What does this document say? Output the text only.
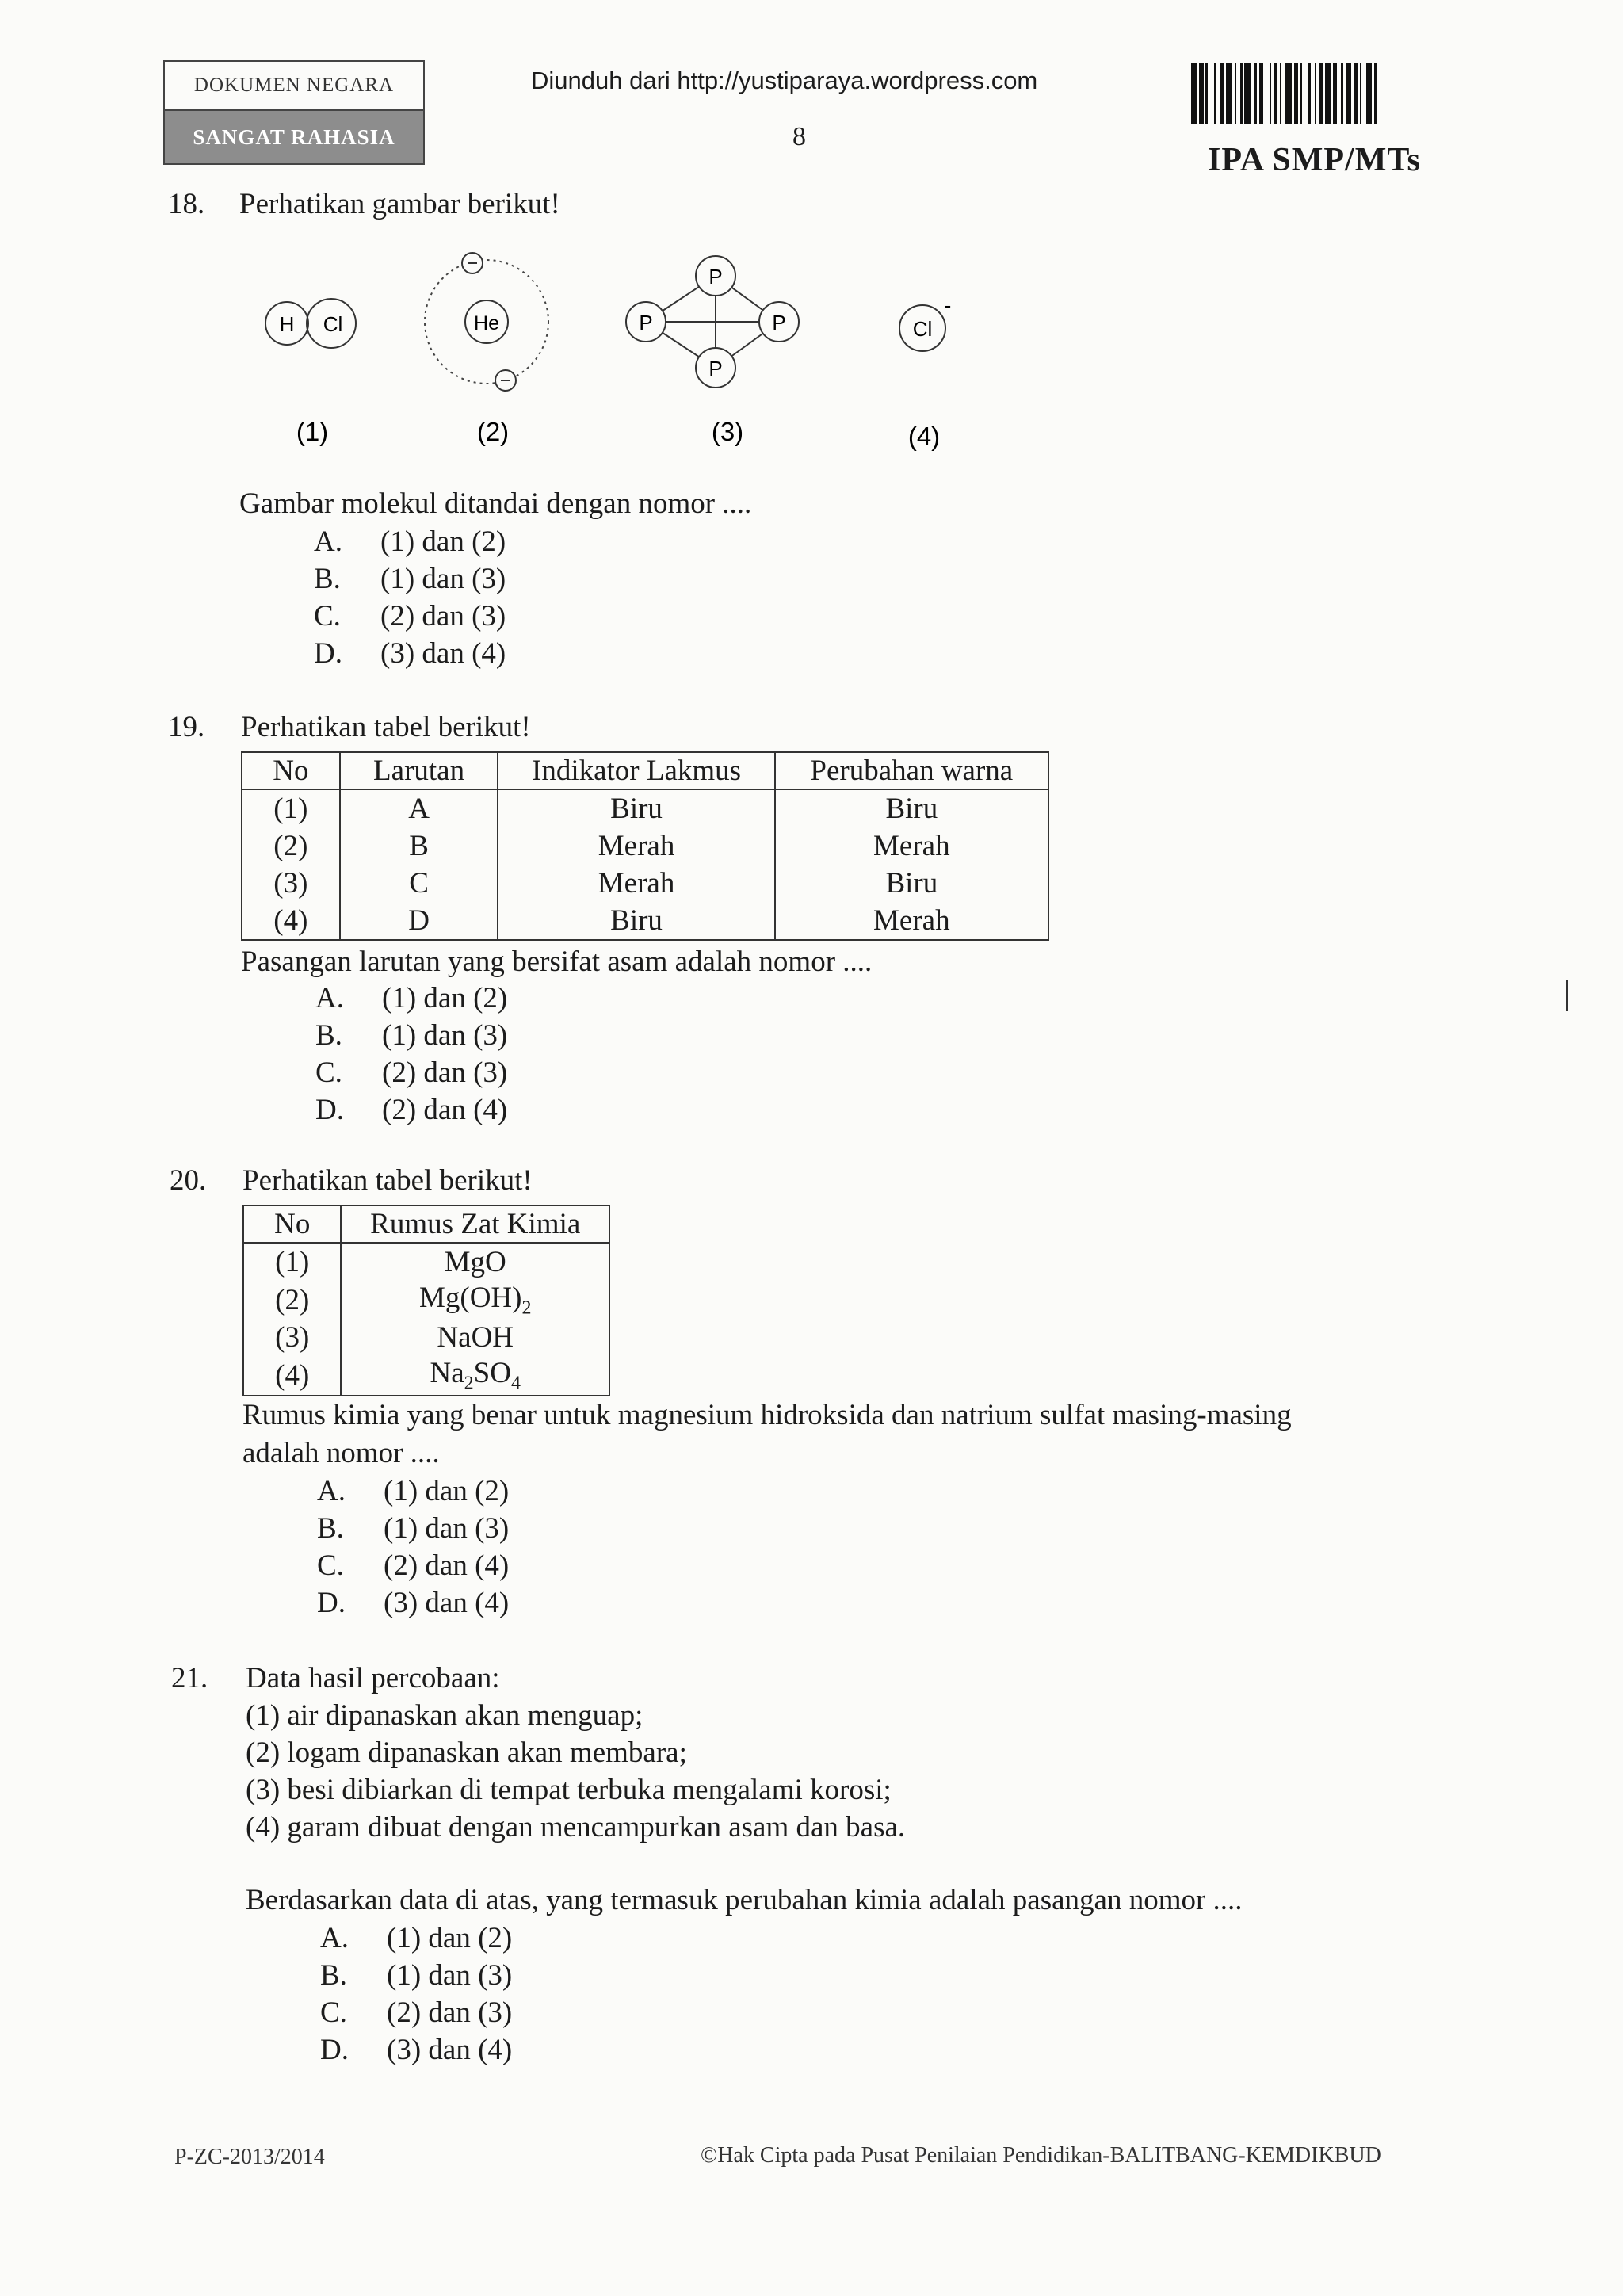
DOKUMEN NEGARA
SANGAT RAHASIA
Diunduh dari http://yustiparaya.wordpress.com
8
IPA SMP/MTs
18. Perhatikan gambar berikut!
H Cl
(1)
He
(2)
P
P	P
P
(3)
Cl
-
(4)
Gambar molekul ditandai dengan nomor ....
A. (1) dan (2)
B. (1) dan (3)
C. (2) dan (3)
D. (3) dan (4)
19. Perhatikan tabel berikut!
No	Larutan	Indikator Lakmus	Perubahan warna
(1)	A	Biru	Biru
(2)	B	Merah	Merah
(3)	C	Merah	Biru
(4)	D	Biru	Merah
Pasangan larutan yang bersifat asam adalah nomor ....
A. (1) dan (2)
B. (1) dan (3)
C. (2) dan (3)
D. (2) dan (4)
20. Perhatikan tabel berikut!
No	Rumus Zat Kimia
(1)	MgO
(2)	$Mg(OH)_2$
(3)	NaOH
(4)	$Na_2SO_4$
Rumus kimia yang benar untuk magnesium hidroksida dan natrium sulfat masing-masing
adalah nomor ....
A. (1) dan (2)
B. (1) dan (3)
C. (2) dan (4)
D. (3) dan (4)
21. Data hasil percobaan:
(1) air dipanaskan akan menguap;
(2) logam dipanaskan akan membara;
(3) besi dibiarkan di tempat terbuka mengalami korosi;
(4) garam dibuat dengan mencampurkan asam dan basa.
Berdasarkan data di atas, yang termasuk perubahan kimia adalah pasangan nomor ....
A. (1) dan (2)
B. (1) dan (3)
C. (2) dan (3)
D. (3) dan (4)
P-ZC-2013/2014	©Hak Cipta pada Pusat Penilaian Pendidikan-BALITBANG-KEMDIKBUD
